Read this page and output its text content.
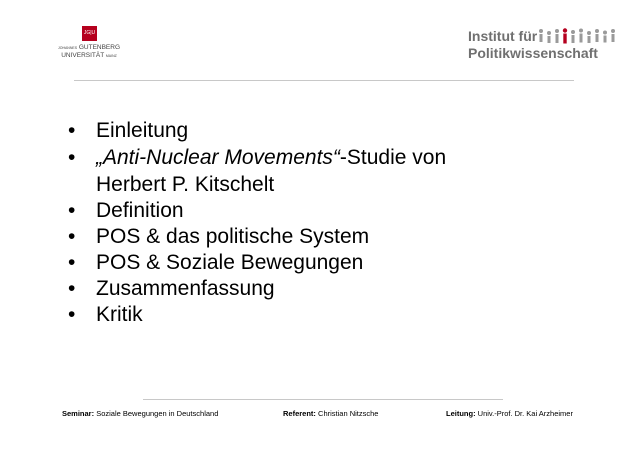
JG|U
JOHANNES GUTENBERG
UNIVERSITÄT MAINZ
Institut für
Politikwissenschaft
• Einleitung
• „Anti-Nuclear Movements“-Studie von
Herbert P. Kitschelt
• Definition
• POS & das politische System
• POS & Soziale Bewegungen
• Zusammenfassung
• Kritik
Seminar: Soziale Bewegungen in Deutschland	Referent: Christian Nitzsche	Leitung: Univ.-Prof. Dr. Kai Arzheimer
